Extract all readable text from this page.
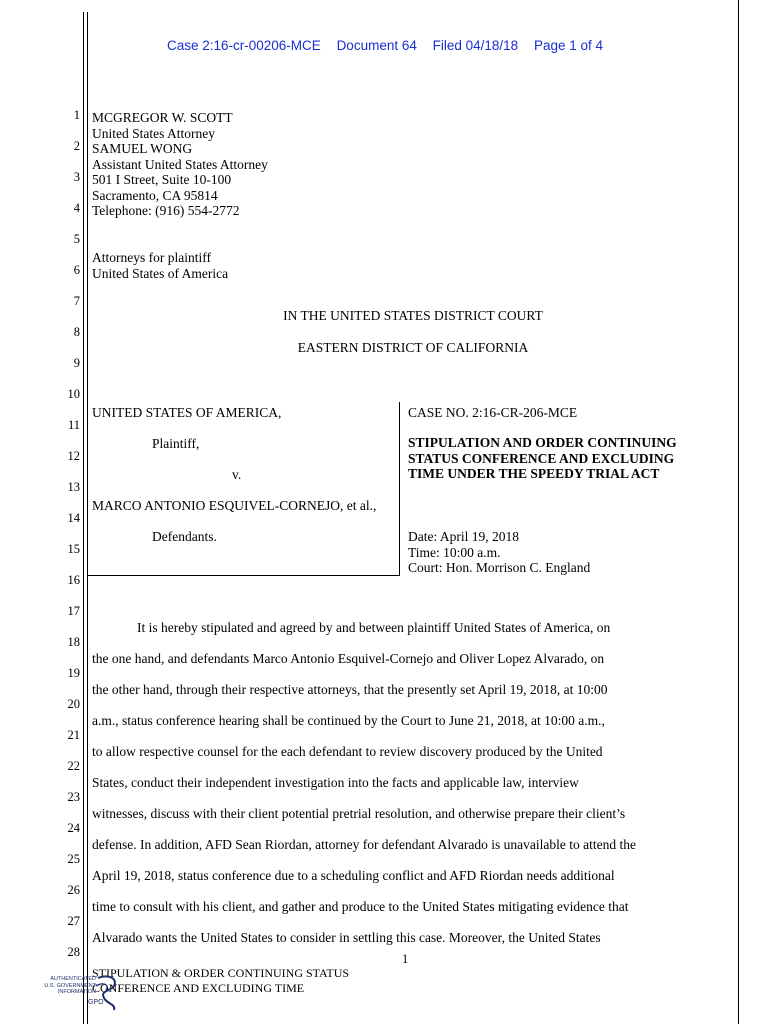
Case 2:16-cr-00206-MCE Document 64 Filed 04/18/18 Page 1 of 4
1
2
3
4
5
6
7
8
9
10
11
12
13
14
15
16
17
18
19
20
21
22
23
24
25
26
27
28
MCGREGOR W. SCOTT
United States Attorney
SAMUEL WONG
Assistant United States Attorney
501 I Street, Suite 10-100
Sacramento, CA 95814
Telephone: (916) 554-2772
Attorneys for plaintiff
United States of America
IN THE UNITED STATES DISTRICT COURT
EASTERN DISTRICT OF CALIFORNIA
UNITED STATES OF AMERICA,
Plaintiff,
v.
MARCO ANTONIO ESQUIVEL-CORNEJO, et al.,
Defendants.
CASE NO. 2:16-CR-206-MCE
STIPULATION AND ORDER CONTINUING
STATUS CONFERENCE AND EXCLUDING
TIME UNDER THE SPEEDY TRIAL ACT
Date: April 19, 2018
Time: 10:00 a.m.
Court: Hon. Morrison C. England
It is hereby stipulated and agreed by and between plaintiff United States of America, on
the one hand, and defendants Marco Antonio Esquivel-Cornejo and Oliver Lopez Alvarado, on
the other hand, through their respective attorneys, that the presently set April 19, 2018, at 10:00
a.m., status conference hearing shall be continued by the Court to June 21, 2018, at 10:00 a.m.,
to allow respective counsel for the each defendant to review discovery produced by the United
States, conduct their independent investigation into the facts and applicable law, interview
witnesses, discuss with their client potential pretrial resolution, and otherwise prepare their client’s
defense. In addition, AFD Sean Riordan, attorney for defendant Alvarado is unavailable to attend the
April 19, 2018, status conference due to a scheduling conflict and AFD Riordan needs additional
time to consult with his client, and gather and produce to the United States mitigating evidence that
Alvarado wants the United States to consider in settling this case. Moreover, the United States
1
STIPULATION & ORDER CONTINUING STATUS
CONFERENCE AND EXCLUDING TIME
AUTHENTICATED
U.S. GOVERNMENT
INFORMATION
GPO
